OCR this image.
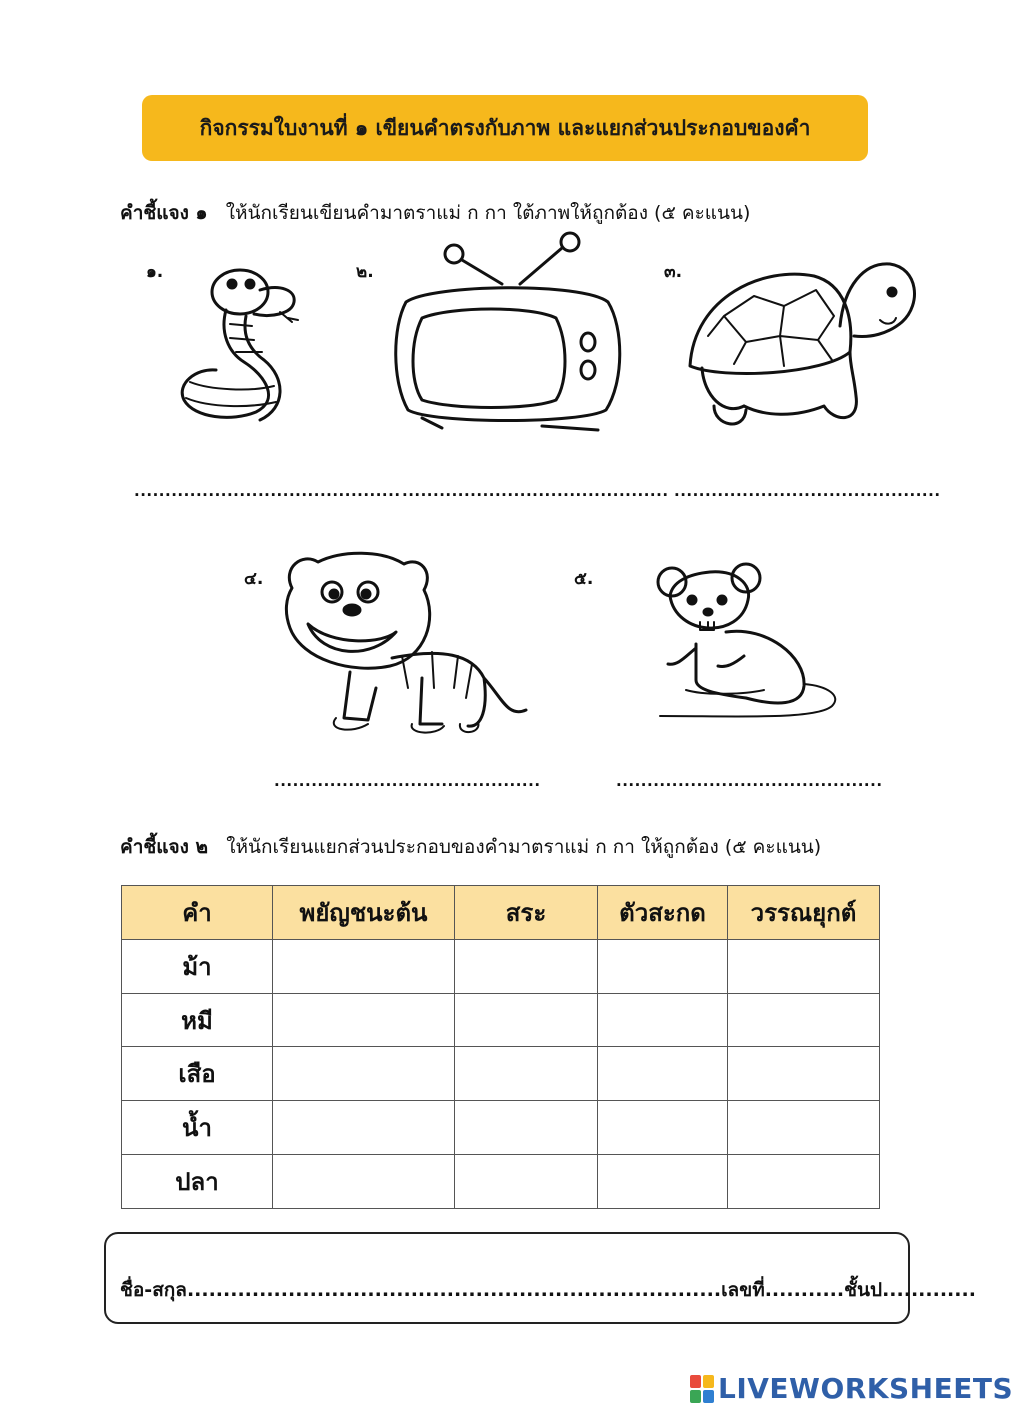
กิจกรรมใบงานที่ ๑ เขียนคำตรงกับภาพ และแยกส่วนประกอบของคำ
คำชี้แจง ๑ ให้นักเรียนเขียนคำมาตราแม่ ก กา ใต้ภาพให้ถูกต้อง (๕ คะแนน)
๑.	๒.	๓.
๔.	๕.
........................................... ........................................... ...........................................
...........................................	...........................................
คำชี้แจง ๒ ให้นักเรียนแยกส่วนประกอบของคำมาตราแม่ ก กา ให้ถูกต้อง (๕ คะแนน)
คำ	พยัญชนะต้น	สระ	ตัวสะกด	วรรณยุกต์
ม้า				
หมี				
เสือ				
น้ำ				
ปลา				
ชื่อ-สกุล..........................................................................เลขที่...........ชั้นป.............
LIVEWORKSHEETS
